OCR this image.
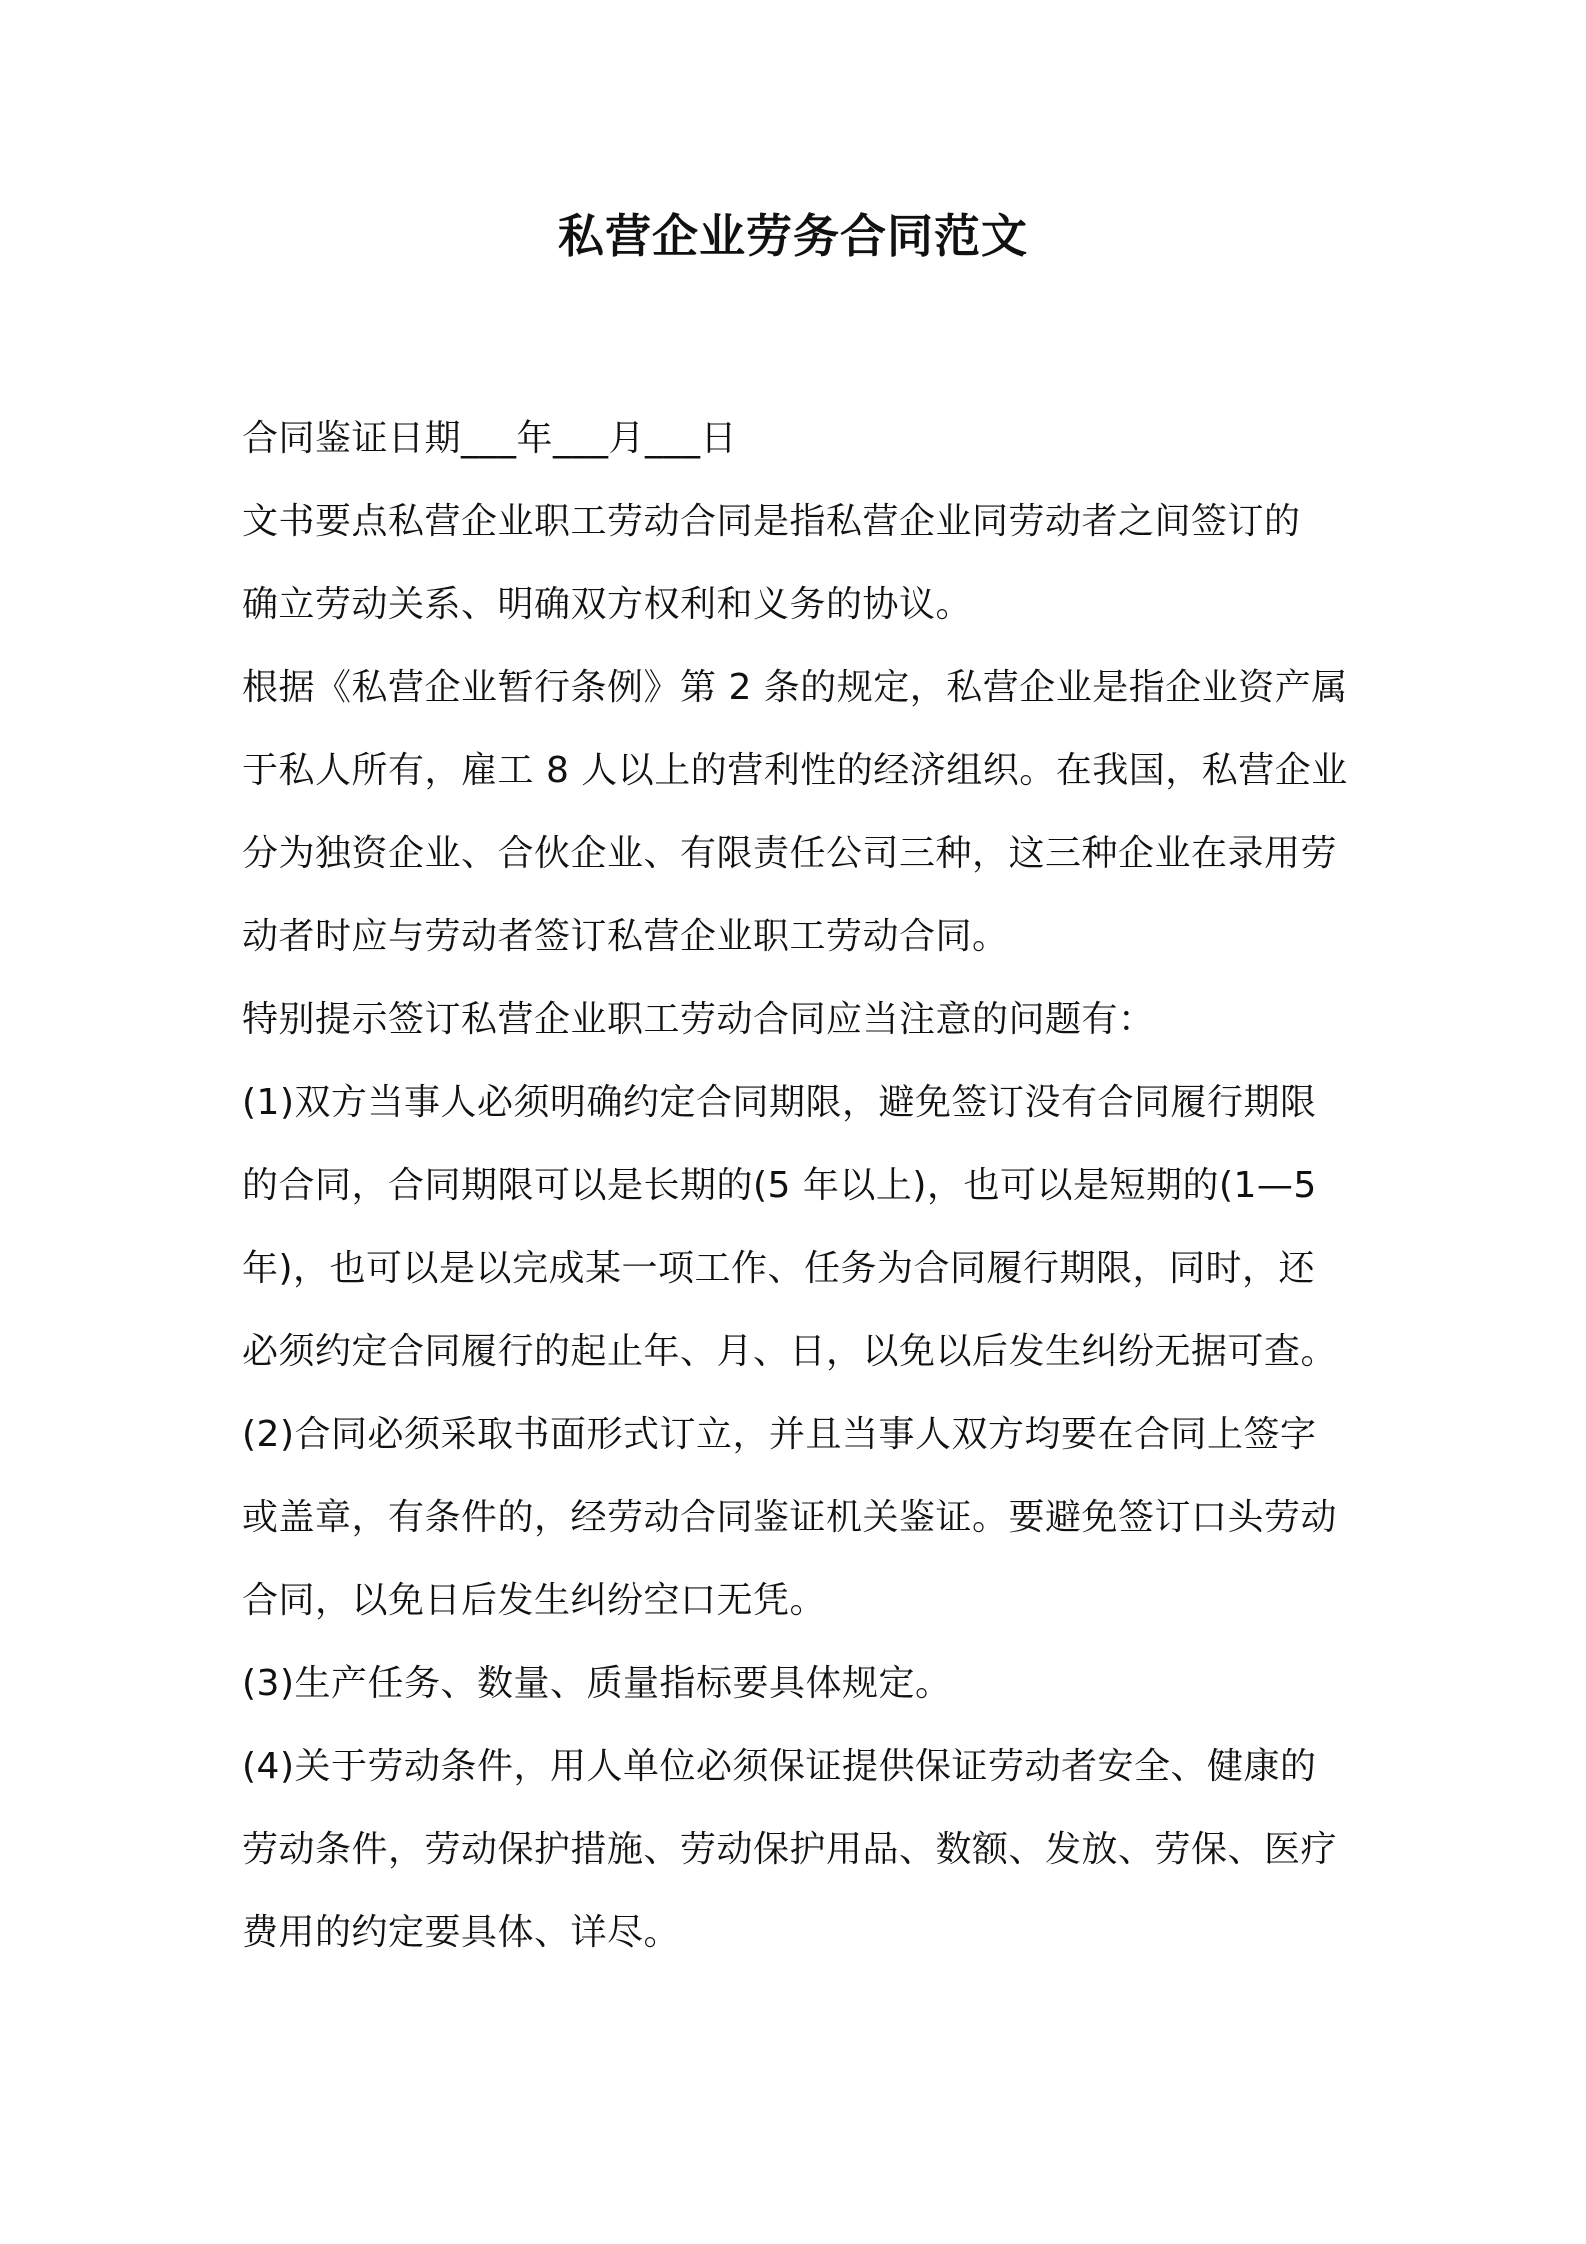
私营企业劳务合同范文
合同鉴证日期___年___月___日
文书要点私营企业职工劳动合同是指私营企业同劳动者之间签订的
确立劳动关系、明确双方权利和义务的协议。
根据《私营企业暂行条例》第 2 条的规定，私营企业是指企业资产属
于私人所有，雇工 8 人以上的营利性的经济组织。在我国，私营企业
分为独资企业、合伙企业、有限责任公司三种，这三种企业在录用劳
动者时应与劳动者签订私营企业职工劳动合同。
特别提示签订私营企业职工劳动合同应当注意的问题有：
(1)双方当事人必须明确约定合同期限，避免签订没有合同履行期限
的合同，合同期限可以是长期的(5 年以上)，也可以是短期的(1—5
年)，也可以是以完成某一项工作、任务为合同履行期限，同时，还
必须约定合同履行的起止年、月、日，以免以后发生纠纷无据可查。
(2)合同必须采取书面形式订立，并且当事人双方均要在合同上签字
或盖章，有条件的，经劳动合同鉴证机关鉴证。要避免签订口头劳动
合同，以免日后发生纠纷空口无凭。
(3)生产任务、数量、质量指标要具体规定。
(4)关于劳动条件，用人单位必须保证提供保证劳动者安全、健康的
劳动条件，劳动保护措施、劳动保护用品、数额、发放、劳保、医疗
费用的约定要具体、详尽。
